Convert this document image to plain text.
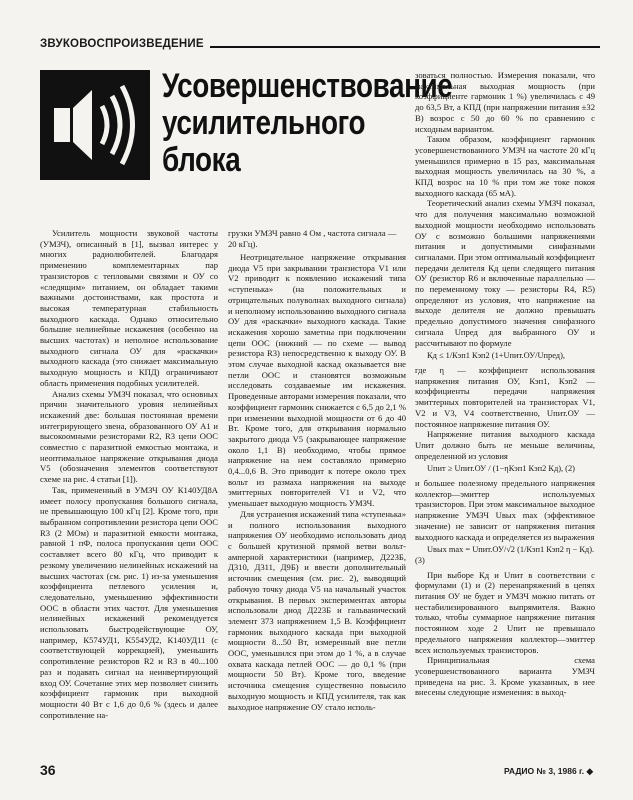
ЗВУКОВОСПРОИЗВЕДЕНИЕ
Усовершенствование
усилительного
блока

Усилитель мощности звуковой частоты (УМЗЧ), описанный в [1], вызвал интерес у многих радиолюбителей. Благодаря применению комплементарных пар транзисторов с тепловыми связями и ОУ со «следящим» питанием, он обладает такими важными достоинствами, как простота и высокая температурная стабильность выходного каскада. Однако относительно большие нелинейные искажения (особенно на высших частотах) и неполное использование выходного сигнала ОУ для «раскачки» выходного каскада (это снижает максимальную выходную мощность и КПД) ограничивают область применения подобных усилителей.

Анализ схемы УМЗЧ показал, что основных причин значительного уровня нелинейных искажений две: большая постоянная времени интегрирующего звена, образованного ОУ А1 и высокоомными резисторами R2, R3 цепи ООС совместно с паразитной емкостью монтажа, и неоптимальное напряжение открывания диода V5 (обозначения элементов соответствуют схеме на рис. 4 статьи [1]).

Так, примененный в УМЗЧ ОУ К140УД8А имеет полосу пропускания большого сигнала, не превышающую 100 кГц [2]. Кроме того, при выбранном сопротивлении резистора цепи ООС R3 (2 МОм) и паразитной емкости монтажа, равной 1 пФ, полоса пропускания цепи ООС составляет всего 80 кГц, что приводит к резкому увеличению нелинейных искажений на высших частотах (см. рис. 1) из-за уменьшения коэффициента петлевого усиления и, следовательно, уменьшению эффективности ООС в области этих частот. Для уменьшения нелинейных искажений рекомендуется использовать быстродействующие ОУ, например, К574УД1, К554УД2, К140УД11 (с соответствующей коррекцией), уменьшить сопротивление резисторов R2 и R3 в 40...100 раз и подавать сигнал на неинвертирующий вход ОУ. Сочетание этих мер позволяет снизить коэффициент гармоник при выходной мощности 40 Вт с 1,6 до 0,6 % (здесь и далее сопротивление на-

грузки УМЗЧ равно 4 Ом , частота сигнала — 20 кГц).

Неотрицательное напряжение открывания диода V5 при закрывании транзистора V1 или V2 приводит к появлению искажений типа «ступенька» (на положительных и отрицательных полуволнах выходного сигнала) и неполному использованию выходного сигнала ОУ для «раскачки» выходного каскада. Такие искажения хорошо заметны при подключении цепи ООС (нижний — по схеме — вывод резистора R3) непосредственно к выходу ОУ. В этом случае выходной каскад оказывается вне петли ООС и становятся возможным исследовать создаваемые им искажения. Проведенные авторами измерения показали, что коэффициент гармоник снижается с 6,5 до 2,1 % при изменении выходной мощности от 6 до 40 Вт. Кроме того, для открывания нормально закрытого диода V5 (закрывающее напряжение около 1,1 В) необходимо, чтобы прямое напряжение на нем составляло примерно 0,4...0,6 В. Это приводит к потере около трех вольт из размаха напряжения на выходе эмиттерных повторителей V1 и V2, что уменьшает выходную мощность УМЗЧ.

Для устранения искажений типа «ступенька» и полного использования выходного напряжения ОУ необходимо использовать диод с большей крутизной прямой ветви вольт-амперной характеристики (например, Д223Б, Д310, Д311, Д9Б) и ввести дополнительный источник смещения (см. рис. 2), выводящий рабочую точку диода V5 на начальный участок открывания. В первых экспериментах авторы использовали диод Д223Б и гальванический элемент 373 напряжением 1,5 В. Коэффициент гармоник выходного каскада при выходной мощности 8...50 Вт, измеренный вне петли ООС, уменьшился при этом до 1 %, а в случае охвата каскада петлей ООС — до 0,1 % (при мощности 50 Вт). Кроме того, введение источника смещения существенно повысило выходную мощность и КПД усилителя, так как выходное напряжение ОУ стало исполь-

зоваться полностью. Измерения показали, что максимальная выходная мощность (при коэффициенте гармоник 1 %) увеличилась с 49 до 63,5 Вт, а КПД (при напряжении питания ±32 В) возрос с 50 до 60 % по сравнению с исходным вариантом.

Таким образом, коэффициент гармоник усовершенствованного УМЗЧ на частоте 20 кГц уменьшился примерно в 15 раз, максимальная выходная мощность увеличилась на 30 %, а КПД возрос на 10 % при том же токе покоя выходного каскада (65 мА).

Теоретический анализ схемы УМЗЧ показал, что для получения максимально возможной выходной мощности необходимо использовать ОУ с возможно большими напряжениями питания и допустимыми синфазными сигналами. При этом оптимальный коэффициент передачи делителя Кд цепи следящего питания ОУ (резистор R6 и включенные параллельно — по переменному току — резисторы R4, R5) определяют из условия, что напряжение на выходе делителя не должно превышать предельно допустимого значения синфазного сигнала Uпред для выбранного ОУ и рассчитывают по формуле

Кд ≤ 1/Кэп1 Кэп2 (1+Uпит.ОУ/Uпред),

где η — коэффициент использования напряжения питания ОУ, Кэп1, Кэп2 — коэффициенты передачи напряжения эмиттерных повторителей на транзисторах V1, V2 и V3, V4 соответственно, Uпит.ОУ — постоянное напряжение питания ОУ.

Напряжение питания выходного каскада Uпит должно быть не меньше величины, определенной из условия

Uпит ≥ Uпит.ОУ / (1−ηКэп1 Кэп2 Кд), (2)

и большее полезному предельного напряжения коллектор—эмиттер используемых транзисторов. При этом максимальное выходное напряжение УМЗЧ Uвых max (эффективное значение) не зависит от напряжения питания выходного каскада и определяется из выражения

Uвых max = Uпит.ОУ/√2 (1/Кэп1 Кэп2 η − Кд). (3)

При выборе Кд и Uпит в соответствии с формулами (1) и (2) перенапряжений в цепях питания ОУ не будет и УМЗЧ можно питать от нестабилизированного выпрямителя. Важно только, чтобы суммарное напряжение питания постоянном ходе 2 Uпит не превышало предельного напряжения коллектор—эмиттер всех используемых транзисторов.

Принципиальная схема усовершенствованного варианта УМЗЧ приведена на рис. 3. Кроме указанных, в нее внесены следующие изменения: в выход-

36	РАДИО № 3, 1986 г. ◆
